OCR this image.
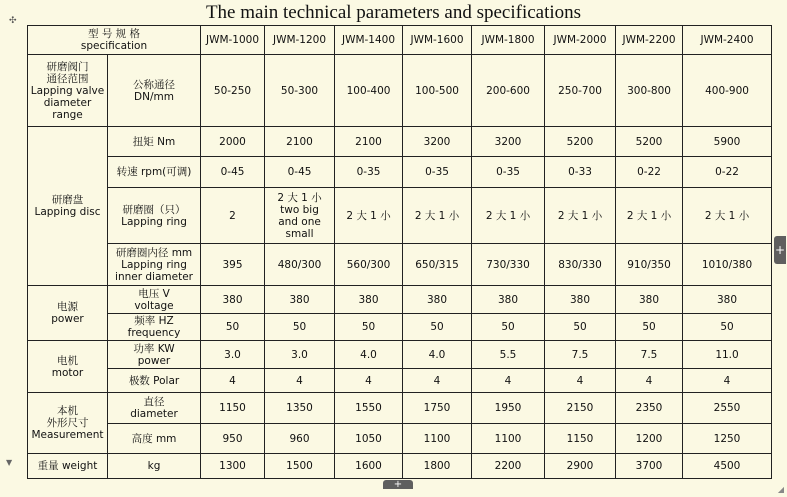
✣	The main technical parameters and specifications
型 号 规 格
specification		JWM-1000	JWM-1200	JWM-1400	JWM-1600	JWM-1800	JWM-2000	JWM-2200	JWM-2400
研磨阀门
通径范围
Lapping valve
diameter
range	公称通径
DN/mm	50-250	50-300	100-400	100-500	200-600	250-700	300-800	400-900
研磨盘
Lapping disc	扭矩 Nm	2000	2100	2100	3200	3200	5200	5200	5900
	转速 rpm(可调)	0-45	0-45	0-35	0-35	0-35	0-33	0-22	0-22
	研磨圈（只）
Lapping ring	2	2 大 1 小
two big
and one
small	2 大 1 小	2 大 1 小	2 大 1 小	2 大 1 小	2 大 1 小	2 大 1 小
	研磨圈内径 mm
Lapping ring
inner diameter	395	480/300	560/300	650/315	730/330	830/330	910/350	1010/380
电源
power	电压 V
voltage	380	380	380	380	380	380	380	380
	频率 HZ
frequency	50	50	50	50	50	50	50	50
电机
motor	功率 KW
power	3.0	3.0	4.0	4.0	5.5	7.5	7.5	11.0
	极数 Polar	4	4	4	4	4	4	4	4
本机
外形尺寸
Measurement	直径
diameter	1150	1350	1550	1750	1950	2150	2350	2550
	高度 mm	950	960	1050	1100	1100	1150	1200	1250
重量 weight	kg	1300	1500	1600	1800	2200	2900	3700	4500
+
+
▼
◢
